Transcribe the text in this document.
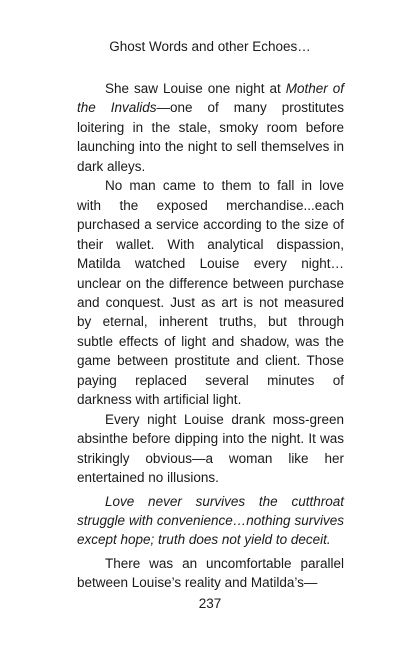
Ghost Words and other Echoes…

She saw Louise one night at Mother of the Invalids—one of many prostitutes loitering in the stale, smoky room before launching into the night to sell themselves in dark alleys.

No man came to them to fall in love with the exposed merchandise...each purchased a service according to the size of their wallet. With analytical dispassion, Matilda watched Louise every night… unclear on the difference between purchase and conquest. Just as art is not measured by eternal, inherent truths, but through subtle effects of light and shadow, was the game between prostitute and client. Those paying replaced several minutes of darkness with artificial light.

Every night Louise drank moss-green absinthe before dipping into the night. It was strikingly obvious—a woman like her entertained no illusions.

Love never survives the cutthroat struggle with convenience…nothing survives except hope; truth does not yield to deceit.

There was an uncomfortable parallel between Louise’s reality and Matilda’s—

237
